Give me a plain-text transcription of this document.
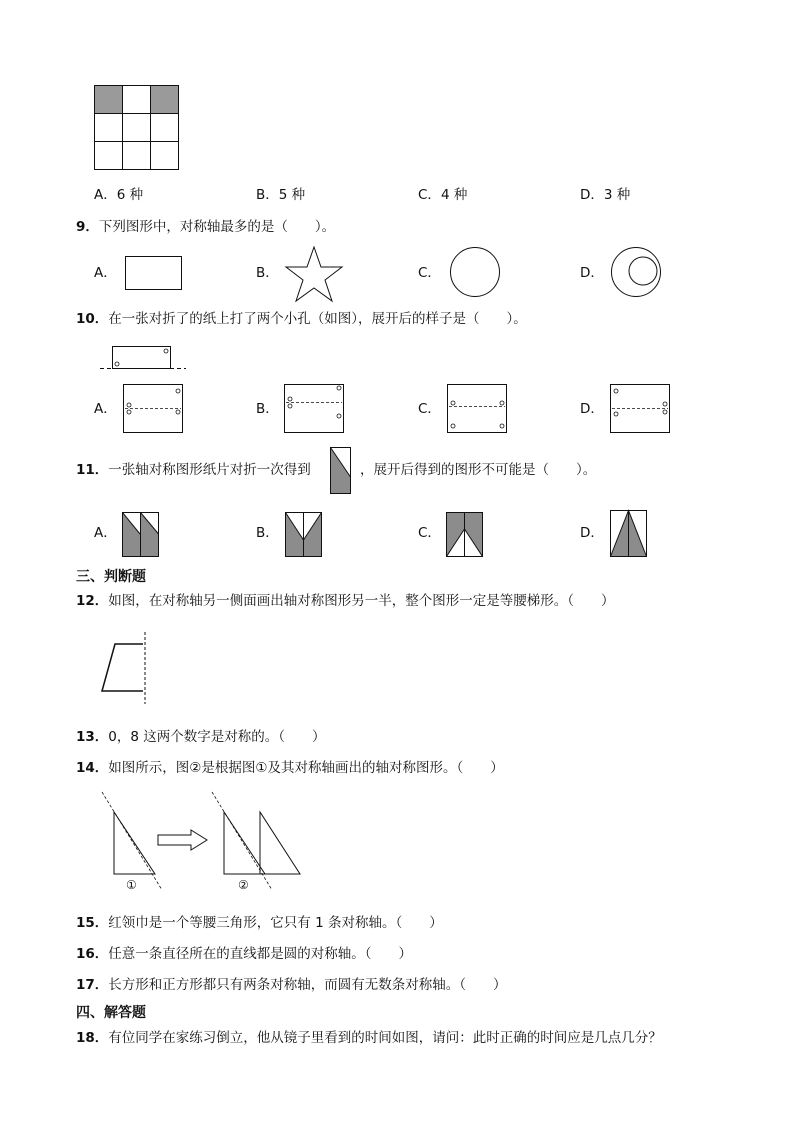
A．6 种	B．5 种	C．4 种	D．3 种
9．下列图形中，对称轴最多的是（　　）。
A．	B．	C．	D．
10．在一张对折了的纸上打了两个小孔（如图），展开后的样子是（　　）。
A．	B．	C．	D．
11．一张轴对称图形纸片对折一次得到	，展开后得到的图形不可能是（　　）。
A．	B．	C．	D．
三、判断题
12．如图，在对称轴另一侧面画出轴对称图形另一半，整个图形一定是等腰梯形。（　　）
13．0，8 这两个数字是对称的。（　　）
14．如图所示，图②是根据图①及其对称轴画出的轴对称图形。（　　）
①	②
15．红领巾是一个等腰三角形，它只有 1 条对称轴。（　　）
16．任意一条直径所在的直线都是圆的对称轴。（　　）
17．长方形和正方形都只有两条对称轴，而圆有无数条对称轴。（　　）
四、解答题
18．有位同学在家练习倒立，他从镜子里看到的时间如图，请问：此时正确的时间应是几点几分？
